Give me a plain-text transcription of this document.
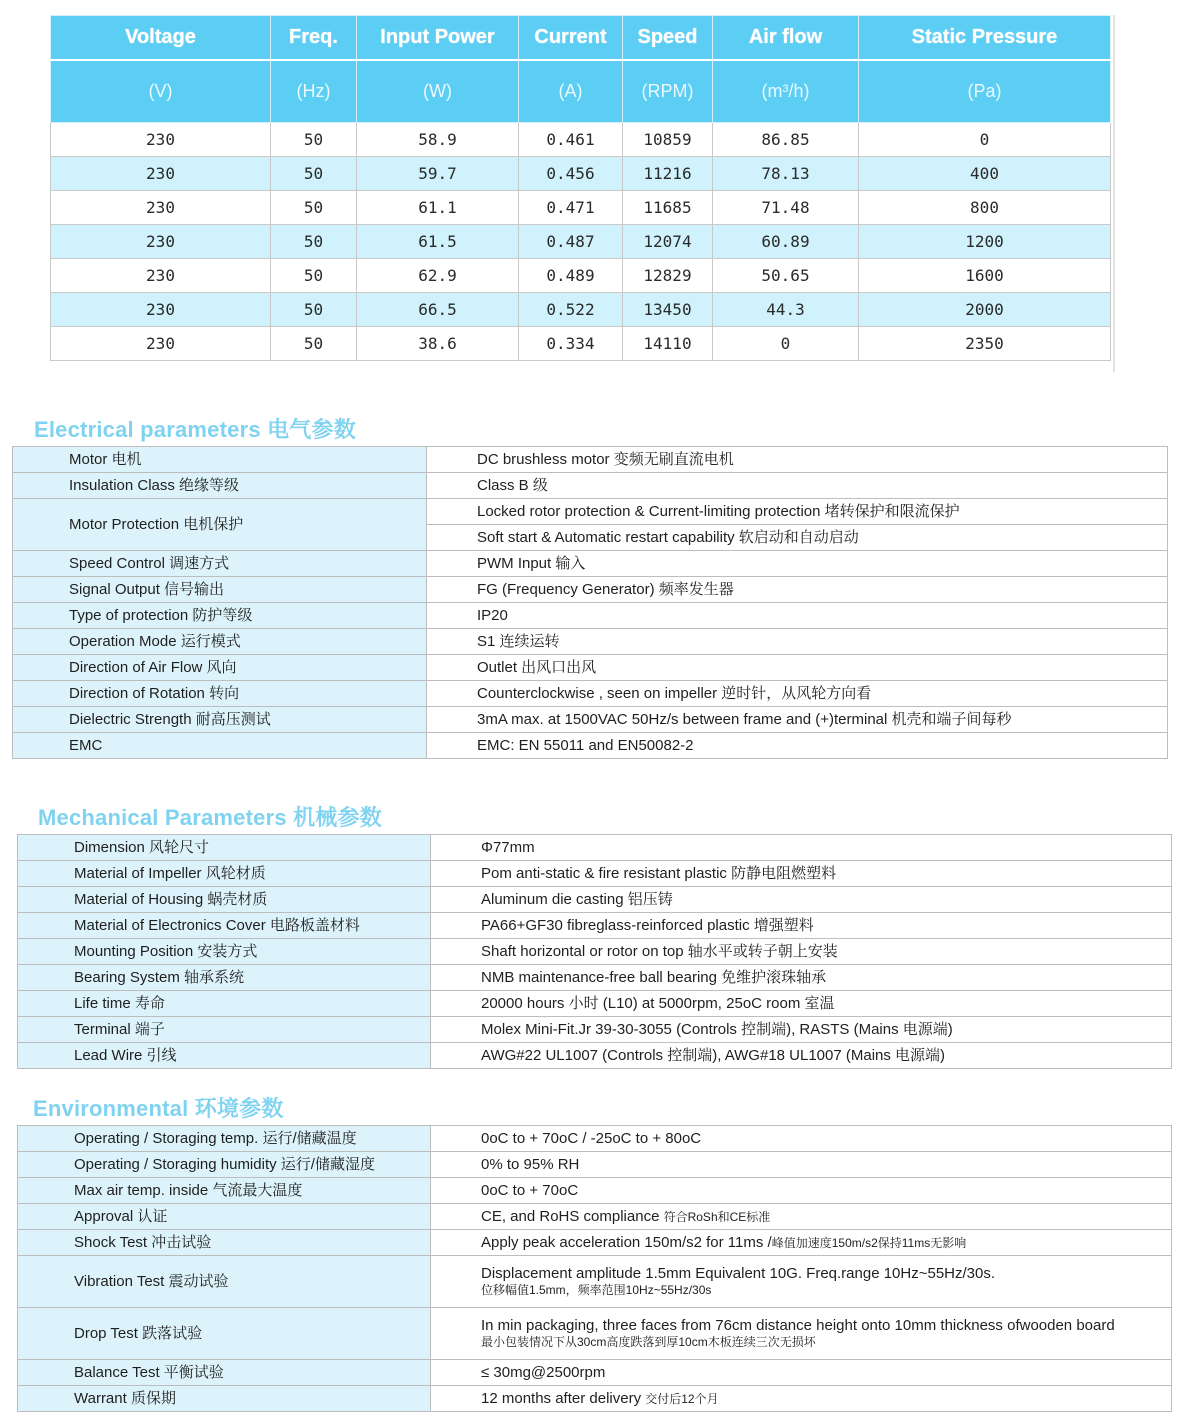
Voltage	Freq.	Input Power	Current	Speed	Air flow	Static Pressure
(V)	(Hz)	(W)	(A)	(RPM)	(m³/h)	(Pa)
230	50	58.9	0.461	10859	86.85	0
230	50	59.7	0.456	11216	78.13	400
230	50	61.1	0.471	11685	71.48	800
230	50	61.5	0.487	12074	60.89	1200
230	50	62.9	0.489	12829	50.65	1600
230	50	66.5	0.522	13450	44.3	2000
230	50	38.6	0.334	14110	0	2350
Electrical parameters 电气参数
Motor 电机	DC brushless motor 变频无刷直流电机
Insulation Class 绝缘等级	Class B 级
Motor Protection 电机保护	Locked rotor protection & Current-limiting protection 堵转保护和限流保护
	Soft start & Automatic restart capability 软启动和自动启动
Speed Control 调速方式	PWM Input 输入
Signal Output 信号输出	FG (Frequency Generator) 频率发生器
Type of protection 防护等级	IP20
Operation Mode 运行模式	S1 连续运转
Direction of Air Flow 风向	Outlet 出风口出风
Direction of Rotation 转向	Counterclockwise , seen on impeller 逆时针，从风轮方向看
Dielectric Strength 耐高压测试	3mA max. at 1500VAC 50Hz/s between frame and (+)terminal 机壳和端子间每秒
EMC	EMC: EN 55011 and EN50082-2
Mechanical Parameters 机械参数
Dimension 风轮尺寸	Φ77mm
Material of Impeller 风轮材质	Pom anti-static & fire resistant plastic 防静电阻燃塑料
Material of Housing 蜗壳材质	Aluminum die casting 铝压铸
Material of Electronics Cover 电路板盖材料	PA66+GF30 fibreglass-reinforced plastic 增强塑料
Mounting Position 安装方式	Shaft horizontal or rotor on top 轴水平或转子朝上安装
Bearing System 轴承系统	NMB maintenance-free ball bearing 免维护滚珠轴承
Life time 寿命	20000 hours 小时 (L10) at 5000rpm, 25oC room 室温
Terminal 端子	Molex Mini-Fit.Jr 39-30-3055 (Controls 控制端), RASTS (Mains 电源端)
Lead Wire 引线	AWG#22 UL1007 (Controls 控制端), AWG#18 UL1007 (Mains 电源端)
Environmental 环境参数
Operating / Storaging temp. 运行/储藏温度	0oC to + 70oC / -25oC to + 80oC
Operating / Storaging humidity 运行/储藏湿度	0% to 95% RH
Max air temp. inside 气流最大温度	0oC to + 70oC
Approval 认证	CE, and RoHS compliance 符合RoSh和CE标准
Shock Test 冲击试验	Apply peak acceleration 150m/s2 for 11ms /峰值加速度150m/s2保持11ms无影响
Vibration Test 震动试验	Displacement amplitude 1.5mm Equivalent 10G. Freq.range 10Hz~55Hz/30s.
位移幅值1.5mm，频率范围10Hz~55Hz/30s

Drop Test 跌落试验	In min packaging, three faces from 76cm distance height onto 10mm thickness ofwooden board
最小包装情况下从30cm高度跌落到厚10cm木板连续三次无损坏

Balance Test 平衡试验	≤ 30mg@2500rpm
Warrant 质保期	12 months after delivery 交付后12个月
